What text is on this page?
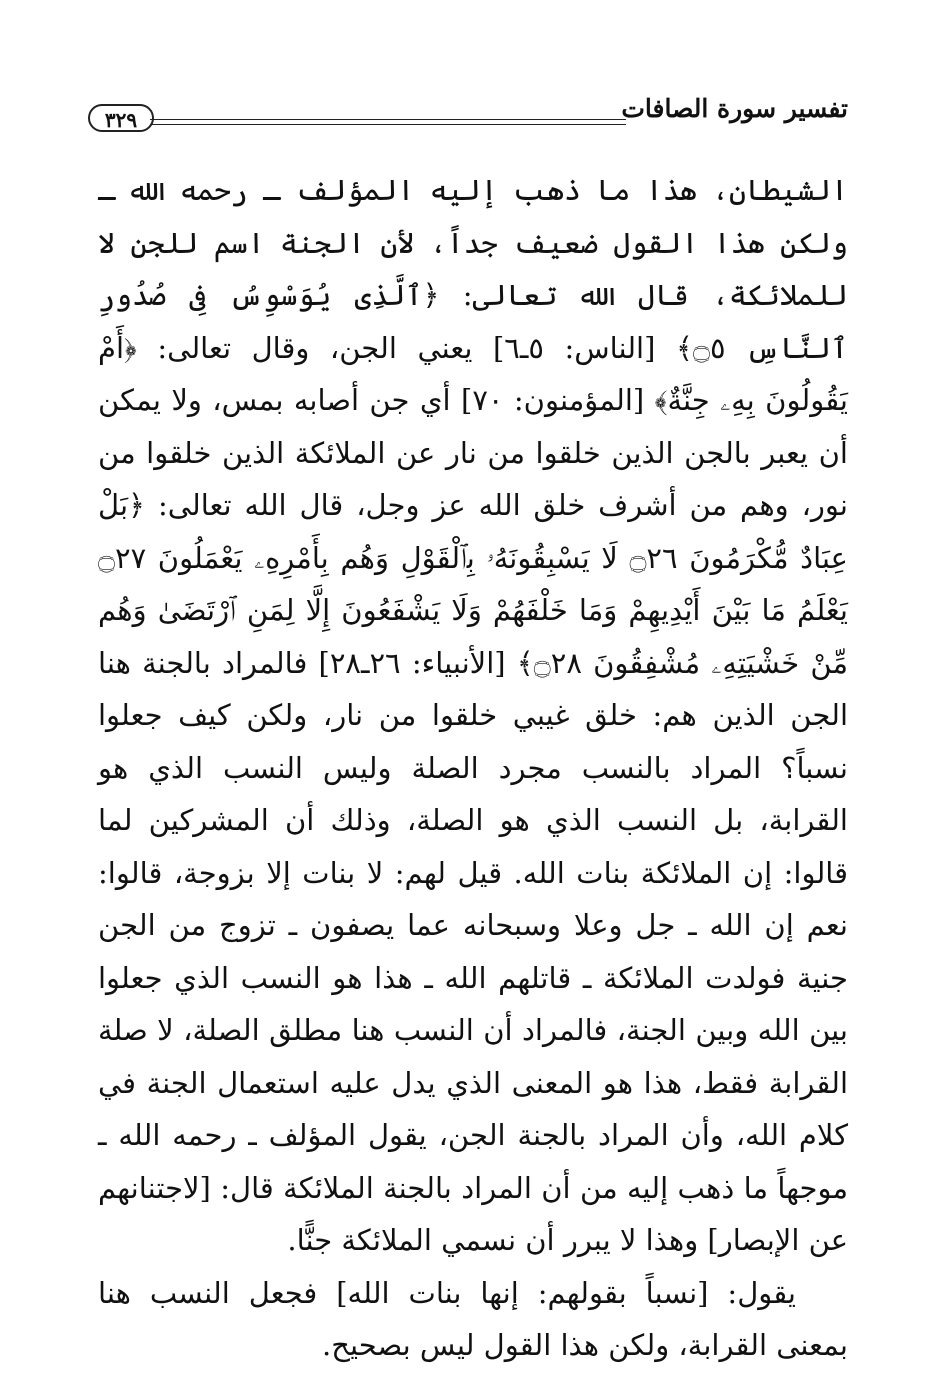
تفسير سورة الصافات
٣٢٩

الشيطان، هذا ما ذهب إليه المؤلف ـ رحمه الله ـ ولكن هذا القول ضعيف جداً، لأن الجنة اسم للجن لا للملائكة، قال الله تعالى: ﴿ٱلَّذِى يُوَسْوِسُ فِى صُدُورِ ٱلنَّاسِ ۝٥﴾ [الناس: ٥ـ٦] يعني الجن، وقال تعالى: ﴿أَمْ يَقُولُونَ بِهِۦ جِنَّةٌ﴾ [المؤمنون: ٧٠] أي جن أصابه بمس، ولا يمكن أن يعبر بالجن الذين خلقوا من نار عن الملائكة الذين خلقوا من نور، وهم من أشرف خلق الله عز وجل، قال الله تعالى: ﴿بَلْ عِبَادٌ مُّكْرَمُونَ ۝٢٦ لَا يَسْبِقُونَهُۥ بِٱلْقَوْلِ وَهُم بِأَمْرِهِۦ يَعْمَلُونَ ۝٢٧ يَعْلَمُ مَا بَيْنَ أَيْدِيهِمْ وَمَا خَلْفَهُمْ وَلَا يَشْفَعُونَ إِلَّا لِمَنِ ٱرْتَضَىٰ وَهُم مِّنْ خَشْيَتِهِۦ مُشْفِقُونَ ۝٢٨﴾ [الأنبياء: ٢٦ـ٢٨] فالمراد بالجنة هنا الجن الذين هم: خلق غيبي خلقوا من نار، ولكن كيف جعلوا نسباً؟ المراد بالنسب مجرد الصلة وليس النسب الذي هو القرابة، بل النسب الذي هو الصلة، وذلك أن المشركين لما قالوا: إن الملائكة بنات الله. قيل لهم: لا بنات إلا بزوجة، قالوا: نعم إن الله ـ جل وعلا وسبحانه عما يصفون ـ تزوج من الجن جنية فولدت الملائكة ـ قاتلهم الله ـ هذا هو النسب الذي جعلوا بين الله وبين الجنة، فالمراد أن النسب هنا مطلق الصلة، لا صلة القرابة فقط، هذا هو المعنى الذي يدل عليه استعمال الجنة في كلام الله، وأن المراد بالجنة الجن، يقول المؤلف ـ رحمه الله ـ موجهاً ما ذهب إليه من أن المراد بالجنة الملائكة قال: [لاجتنانهم عن الإبصار] وهذا لا يبرر أن نسمي الملائكة جنًّا.

يقول: [نسباً بقولهم: إنها بنات الله] فجعل النسب هنا بمعنى القرابة، ولكن هذا القول ليس بصحيح.
